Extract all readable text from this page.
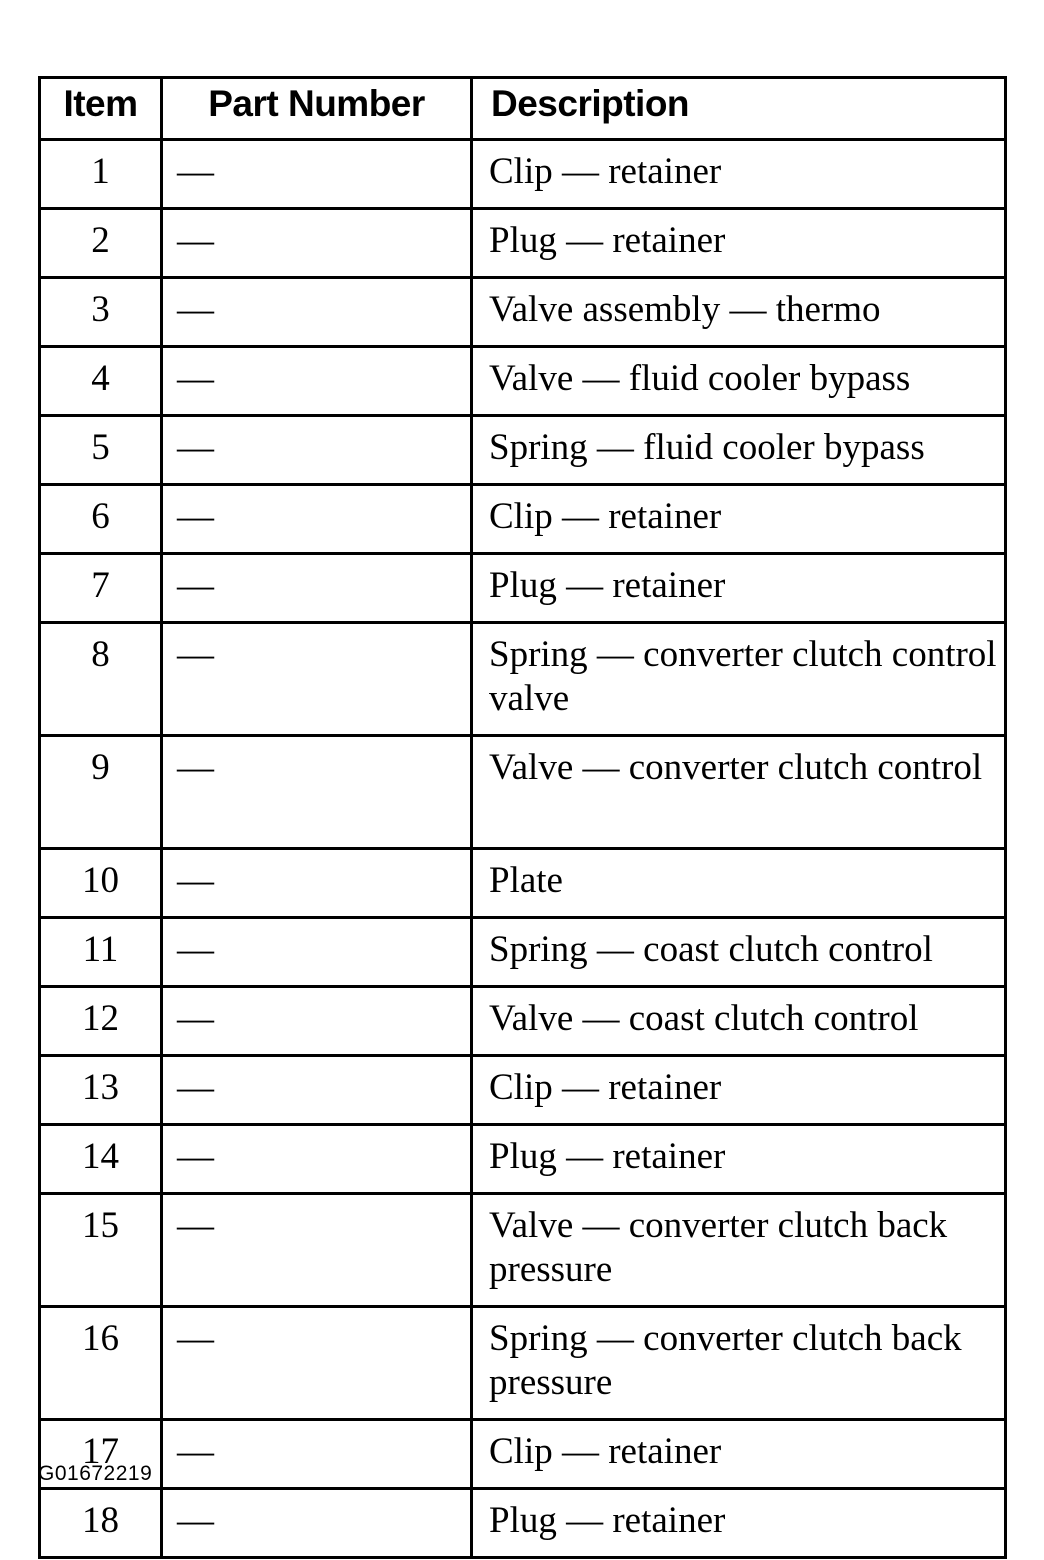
Item	Part Number	Description
1	—	Clip — retainer
2	—	Plug — retainer
3	—	Valve assembly — thermo
4	—	Valve — fluid cooler bypass
5	—	Spring — fluid cooler bypass
6	—	Clip — retainer
7	—	Plug — retainer
8	—	Spring — converter clutch control valve
9	—	Valve — converter clutch control
10	—	Plate
11	—	Spring — coast clutch control
12	—	Valve — coast clutch control
13	—	Clip — retainer
14	—	Plug — retainer
15	—	Valve — converter clutch back pressure
16	—	Spring — converter clutch back pressure
17	—	Clip — retainer
18	—	Plug — retainer
G01672219
